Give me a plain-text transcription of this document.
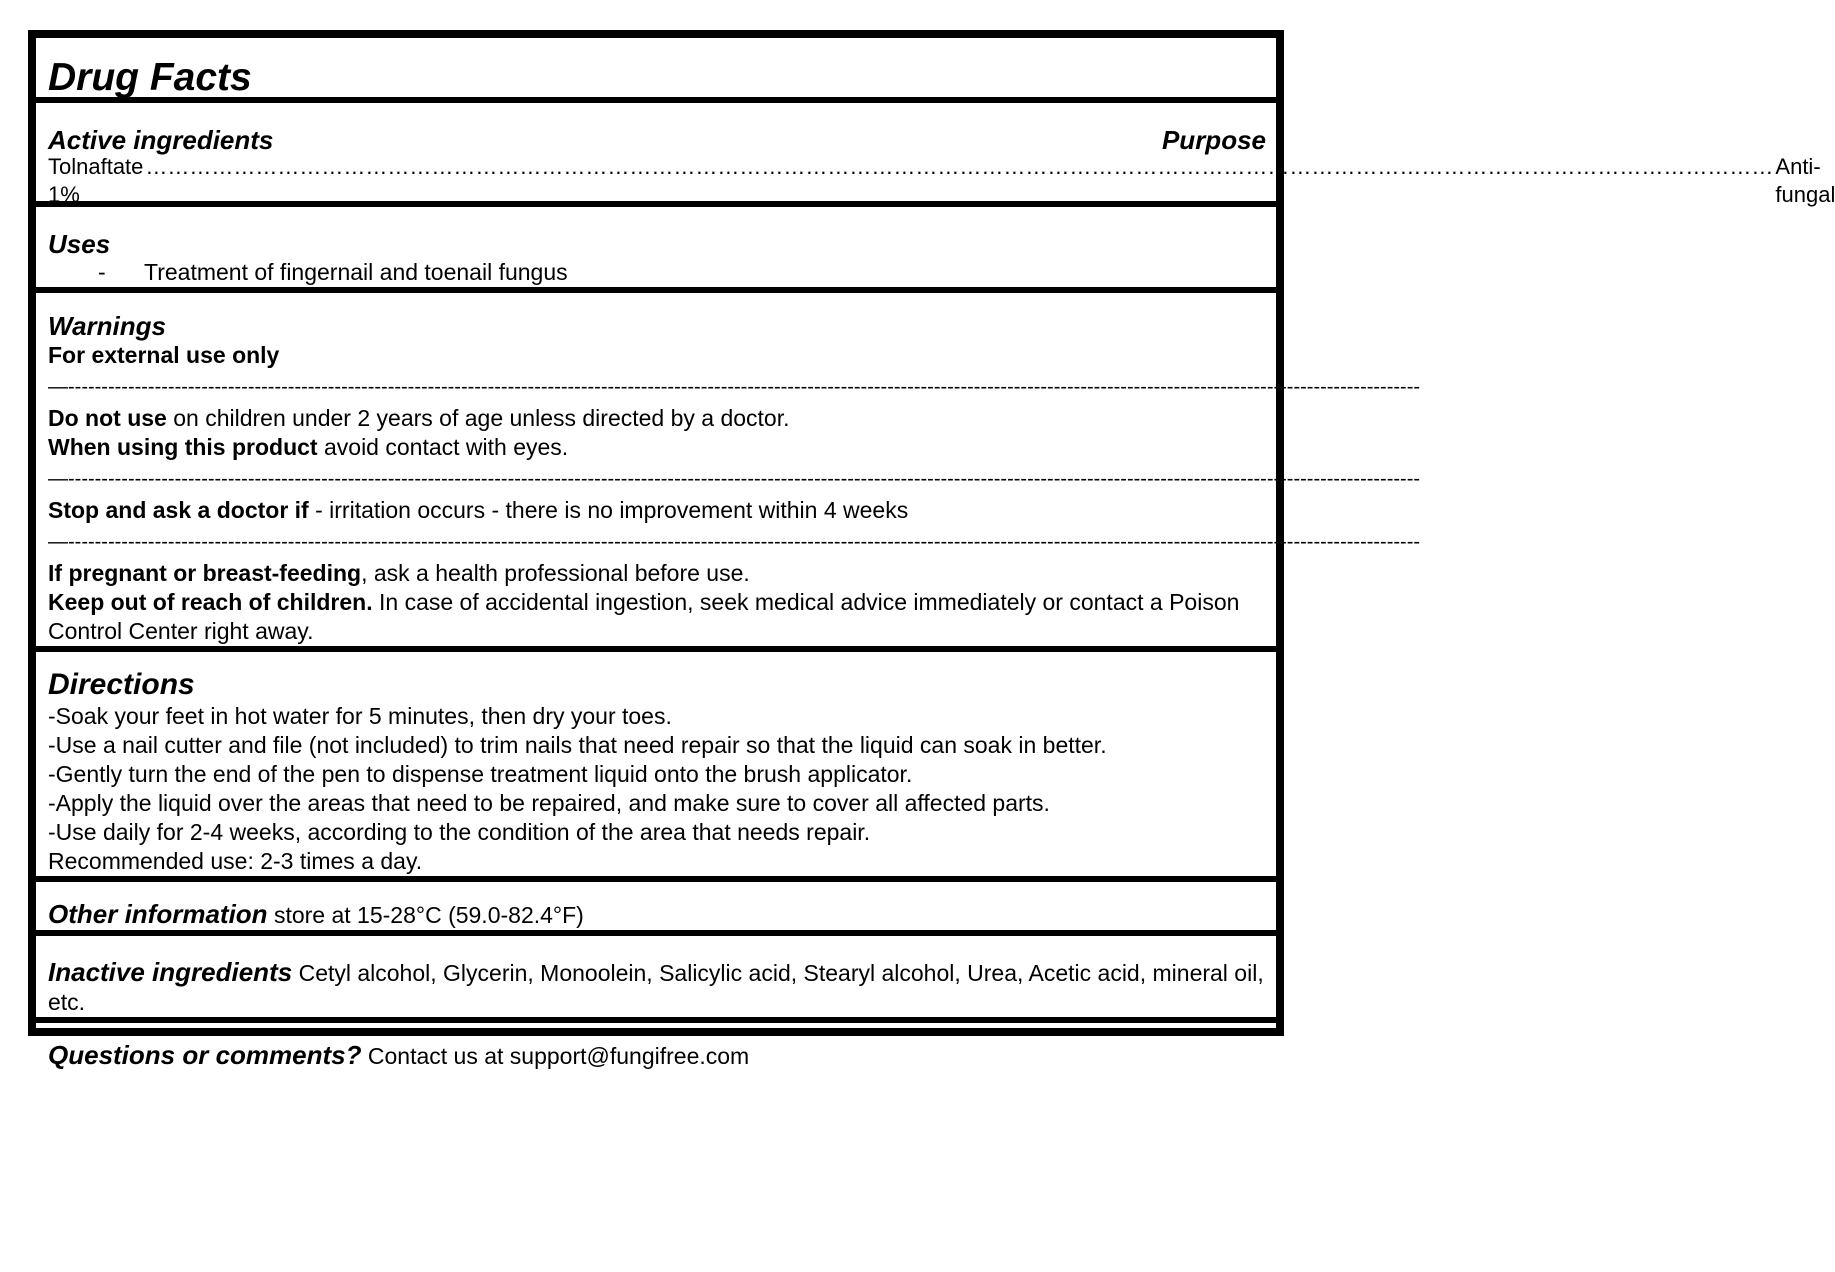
Drug Facts
Active ingredients	Purpose
Tolnaftate 1%
…………………………………………………………………………………………………………………………………………………………………………………………………… Anti-fungal
Uses
- Treatment of fingernail and toenail fungus
Warnings
For external use only
—-----------------------------------------------------------------------------------------------------------------------------------------------------------------------------------------------------------
Do not use on children under 2 years of age unless directed by a doctor.
When using this product avoid contact with eyes.
—-----------------------------------------------------------------------------------------------------------------------------------------------------------------------------------------------------------
Stop and ask a doctor if - irritation occurs - there is no improvement within 4 weeks
—-----------------------------------------------------------------------------------------------------------------------------------------------------------------------------------------------------------
If pregnant or breast-feeding, ask a health professional before use.
Keep out of reach of children. In case of accidental ingestion, seek medical advice immediately or contact a Poison Control Center right away.
Directions
-Soak your feet in hot water for 5 minutes, then dry your toes.
-Use a nail cutter and file (not included) to trim nails that need repair so that the liquid can soak in better.
-Gently turn the end of the pen to dispense treatment liquid onto the brush applicator.
-Apply the liquid over the areas that need to be repaired, and make sure to cover all affected parts.
-Use daily for 2-4 weeks, according to the condition of the area that needs repair.
Recommended use: 2-3 times a day.
Other information store at 15-28°C (59.0-82.4°F)
Inactive ingredients Cetyl alcohol, Glycerin, Monoolein, Salicylic acid, Stearyl alcohol, Urea, Acetic acid, mineral oil, etc.
Questions or comments? Contact us at support@fungifree.com
